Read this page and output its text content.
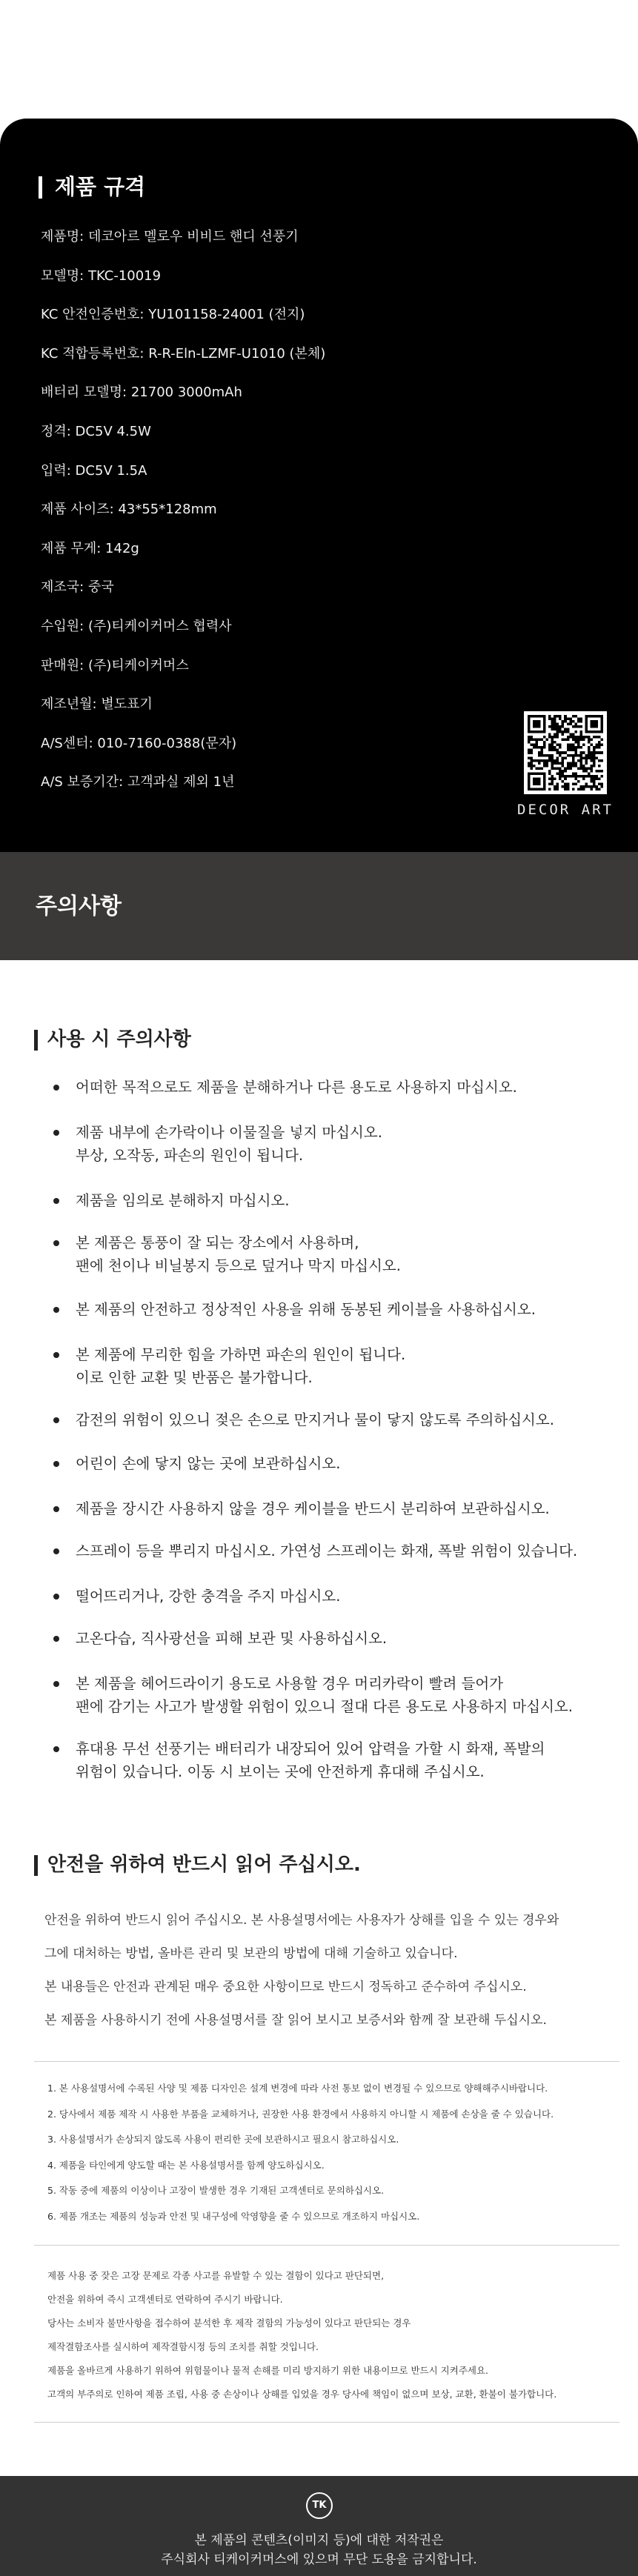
제품 규격
제품명: 데코아르 멜로우 비비드 핸디 선풍기
모델명: TKC-10019
KC 안전인증번호: YU101158-24001 (전지)
KC 적합등록번호: R-R-Eln-LZMF-U1010 (본체)
배터리 모델명: 21700 3000mAh
정격: DC5V 4.5W
입력: DC5V 1.5A
제품 사이즈: 43*55*128mm
제품 무게: 142g
제조국: 중국
수입원: (주)티케이커머스 협력사
판매원: (주)티케이커머스
제조년월: 별도표기
A/S센터: 010-7160-0388(문자)
A/S 보증기간: 고객과실 제외 1년
DECOR ART
주의사항
사용 시 주의사항
어떠한 목적으로도 제품을 분해하거나 다른 용도로 사용하지 마십시오.
제품 내부에 손가락이나 이물질을 넣지 마십시오.
부상, 오작동, 파손의 원인이 됩니다.
제품을 임의로 분해하지 마십시오.
본 제품은 통풍이 잘 되는 장소에서 사용하며,
팬에 천이나 비닐봉지 등으로 덮거나 막지 마십시오.
본 제품의 안전하고 정상적인 사용을 위해 동봉된 케이블을 사용하십시오.
본 제품에 무리한 힘을 가하면 파손의 원인이 됩니다.
이로 인한 교환 및 반품은 불가합니다.
감전의 위험이 있으니 젖은 손으로 만지거나 물이 닿지 않도록 주의하십시오.
어린이 손에 닿지 않는 곳에 보관하십시오.
제품을 장시간 사용하지 않을 경우 케이블을 반드시 분리하여 보관하십시오.
스프레이 등을 뿌리지 마십시오. 가연성 스프레이는 화재, 폭발 위험이 있습니다.
떨어뜨리거나, 강한 충격을 주지 마십시오.
고온다습, 직사광선을 피해 보관 및 사용하십시오.
본 제품을 헤어드라이기 용도로 사용할 경우 머리카락이 빨려 들어가
팬에 감기는 사고가 발생할 위험이 있으니 절대 다른 용도로 사용하지 마십시오.
휴대용 무선 선풍기는 배터리가 내장되어 있어 압력을 가할 시 화재, 폭발의
위험이 있습니다. 이동 시 보이는 곳에 안전하게 휴대해 주십시오.
안전을 위하여 반드시 읽어 주십시오.

안전을 위하여 반드시 읽어 주십시오. 본 사용설명서에는 사용자가 상해를 입을 수 있는 경우와

그에 대처하는 방법, 올바른 관리 및 보관의 방법에 대해 기술하고 있습니다.

본 내용들은 안전과 관계된 매우 중요한 사항이므로 반드시 정독하고 준수하여 주십시오.

본 제품을 사용하시기 전에 사용설명서를 잘 읽어 보시고 보증서와 함께 잘 보관해 두십시오.

1. 본 사용설명서에 수록된 사양 및 제품 디자인은 설계 변경에 따라 사전 통보 없이 변경될 수 있으므로 양해해주시바랍니다.

2. 당사에서 제품 제작 시 사용한 부품을 교체하거나, 권장한 사용 환경에서 사용하지 아니할 시 제품에 손상을 줄 수 있습니다.

3. 사용설명서가 손상되지 않도록 사용이 편리한 곳에 보관하시고 필요시 참고하십시오.

4. 제품을 타인에게 양도할 때는 본 사용설명서를 함께 양도하십시오.

5. 작동 중에 제품의 이상이나 고장이 발생한 경우 기재된 고객센터로 문의하십시오.

6. 제품 개조는 제품의 성능과 안전 및 내구성에 악영향을 줄 수 있으므로 개조하지 마십시오.

제품 사용 중 잦은 고장 문제로 각종 사고를 유발할 수 있는 결함이 있다고 판단되면,

안전을 위하여 즉시 고객센터로 연락하여 주시기 바랍니다.

당사는 소비자 불만사항을 접수하여 분석한 후 제작 결함의 가능성이 있다고 판단되는 경우

제작결함조사를 실시하여 제작결함시정 등의 조치를 취할 것입니다.

제품을 올바르게 사용하기 위하여 위험물이나 물적 손해를 미리 방지하기 위한 내용이므로 반드시 지켜주세요.

고객의 부주의로 인하여 제품 조립, 사용 중 손상이나 상해를 입었을 경우 당사에 책임이 없으며 보상, 교환, 환불이 불가합니다.

TK
본 제품의 콘텐츠(이미지 등)에 대한 저작권은
주식회사 티케이커머스에 있으며 무단 도용을 금지합니다.
